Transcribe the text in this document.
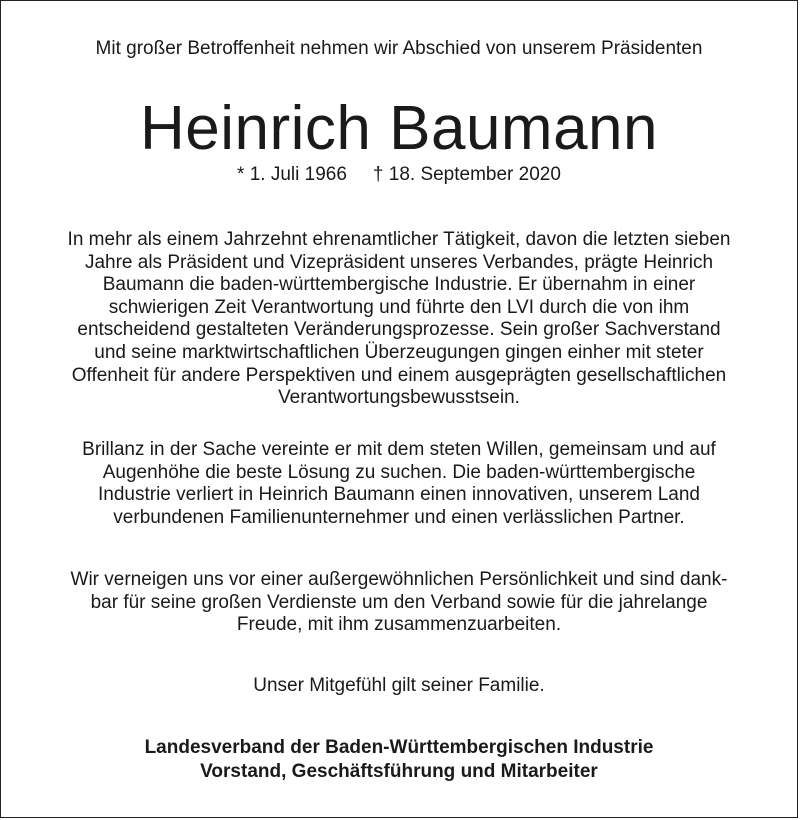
Mit großer Betroffenheit nehmen wir Abschied von unserem Präsidenten
Heinrich Baumann
* 1. Juli 1966 † 18. September 2020
In mehr als einem Jahrzehnt ehrenamtlicher Tätigkeit, davon die letzten sieben
Jahre als Präsident und Vizepräsident unseres Verbandes, prägte Heinrich
Baumann die baden-württembergische Industrie. Er übernahm in einer
schwierigen Zeit Verantwortung und führte den LVI durch die von ihm
entscheidend gestalteten Veränderungsprozesse. Sein großer Sachverstand
und seine marktwirtschaftlichen Überzeugungen gingen einher mit steter
Offenheit für andere Perspektiven und einem ausgeprägten gesellschaftlichen
Verantwortungsbewusstsein.
Brillanz in der Sache vereinte er mit dem steten Willen, gemeinsam und auf
Augenhöhe die beste Lösung zu suchen. Die baden-württembergische
Industrie verliert in Heinrich Baumann einen innovativen, unserem Land
verbundenen Familienunternehmer und einen verlässlichen Partner.
Wir verneigen uns vor einer außergewöhnlichen Persönlichkeit und sind dank-
bar für seine großen Verdienste um den Verband sowie für die jahrelange
Freude, mit ihm zusammenzuarbeiten.
Unser Mitgefühl gilt seiner Familie.
Landesverband der Baden-Württembergischen Industrie
Vorstand, Geschäftsführung und Mitarbeiter
